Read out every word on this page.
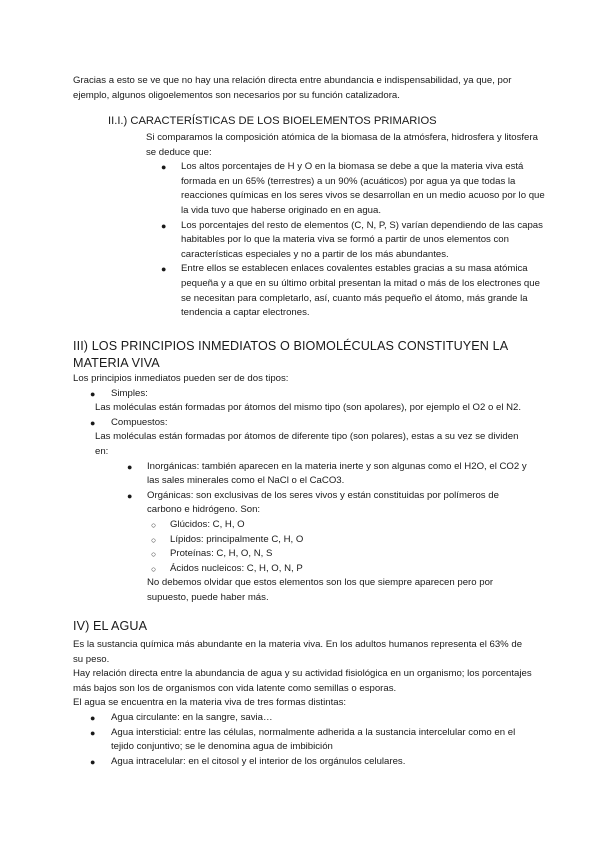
Gracias a esto se ve que no hay una relación directa entre abundancia e indispensabilidad, ya que, por ejemplo, algunos oligoelementos son necesarios por su función catalizadora.

II.I.) CARACTERÍSTICAS DE LOS BIOELEMENTOS PRIMARIOS

Si comparamos la composición atómica de la biomasa de la atmósfera, hidrosfera y litosfera se deduce que:

●	Los altos porcentajes de H y O en la biomasa se debe a que la materia viva está formada en un 65% (terrestres) a un 90% (acuáticos) por agua ya que todas la reacciones químicas en los seres vivos se desarrollan en un medio acuoso por lo que la vida tuvo que haberse originado en en agua.
●	Los porcentajes del resto de elementos (C, N, P, S) varían dependiendo de las capas habitables por lo que la materia viva se formó a partir de unos elementos con características especiales y no a partir de los más abundantes.
●	Entre ellos se establecen enlaces covalentes estables gracias a su masa atómica pequeña y a que en su último orbital presentan la mitad o más de los electrones que se necesitan para completarlo, así, cuanto más pequeño el átomo, más grande la tendencia a captar electrones.
III) LOS PRINCIPIOS INMEDIATOS O BIOMOLÉCULAS CONSTITUYEN LA MATERIA VIVA

Los principios inmediatos pueden ser de dos tipos:

●	Simples:

Las moléculas están formadas por átomos del mismo tipo (son apolares), por ejemplo el O2 o el N2.

●	Compuestos:

Las moléculas están formadas por átomos de diferente tipo (son polares), estas a su vez se dividen en:

●	Inorgánicas: también aparecen en la materia inerte y son algunas como el H2O, el CO2 y las sales minerales como el NaCl o el CaCO3.
●	Orgánicas: son exclusivas de los seres vivos y están constituidas por polímeros de carbono e hidrógeno. Son:
○	Glúcidos: C, H, O
○	Lípidos: principalmente C, H, O
○	Proteínas: C, H, O, N, S
○	Ácidos nucleicos: C, H, O, N, P

No debemos olvidar que estos elementos son los que siempre aparecen pero por supuesto, puede haber más.

IV) EL AGUA

Es la sustancia química más abundante en la materia viva. En los adultos humanos representa el 63% de su peso.

Hay relación directa entre la abundancia de agua y su actividad fisiológica en un organismo; los porcentajes más bajos son los de organismos con vida latente como semillas o esporas.

El agua se encuentra en la materia viva de tres formas distintas:

●	Agua circulante: en la sangre, savia…
●	Agua intersticial: entre las células, normalmente adherida a la sustancia intercelular como en el tejido conjuntivo; se le denomina agua de imbibición
●	Agua intracelular: en el citosol y el interior de los orgánulos celulares.
